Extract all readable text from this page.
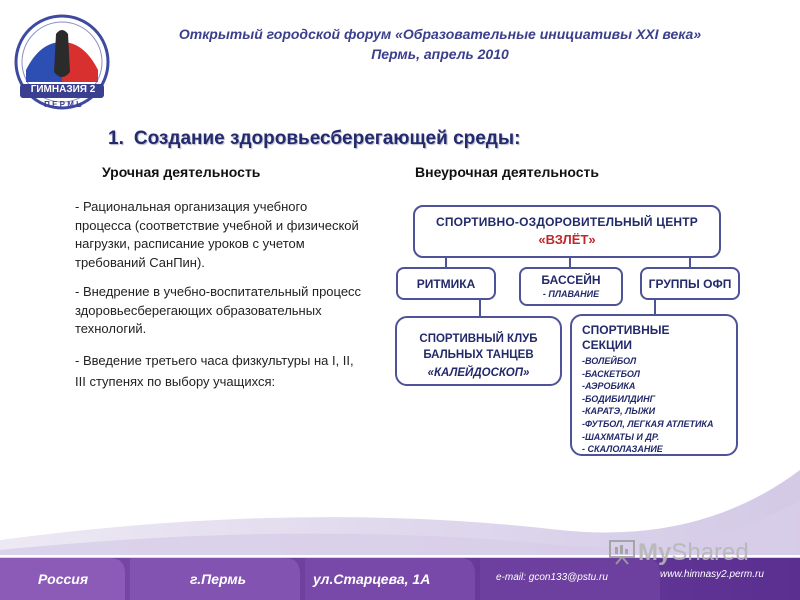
ГИМНАЗИЯ 2
П Е Р М Ь
Открытый городской форум «Образовательные инициативы XXI века»
Пермь, апрель 2010
1. Создание здоровьесберегающей среды:
Урочная деятельность	Внеурочная деятельность

- Рациональная организация учебного процесса (соответствие учебной и физической нагрузки, расписание уроков с учетом требований СанПин).

- Внедрение в учебно-воспитательный процесс здоровьесберегающих образовательных технологий.

- Введение третьего часа физкультуры на I, II, III ступенях по выбору учащихся:

СПОРТИВНО-ОЗДОРОВИТЕЛЬНЫЙ ЦЕНТР
«ВЗЛЁТ»
РИТМИКА	БАССЕЙН
- ПЛАВАНИЕ
ГРУППЫ ОФП
СПОРТИВНЫЙ КЛУБ
БАЛЬНЫХ ТАНЦЕВ
«КАЛЕЙДОСКОП»
СПОРТИВНЫЕ
СЕКЦИИ
-ВОЛЕЙБОЛ
-БАСКЕТБОЛ
-АЭРОБИКА
-БОДИБИЛДИНГ
-КАРАТЭ, ЛЫЖИ
-ФУТБОЛ, ЛЕГКАЯ АТЛЕТИКА
-ШАХМАТЫ И ДР.
- СКАЛОЛАЗАНИЕ
MyShared
Россия	г.Пермь	ул.Старцева, 1А	e-mail: gcon133@pstu.ru	www.himnasy2.perm.ru
